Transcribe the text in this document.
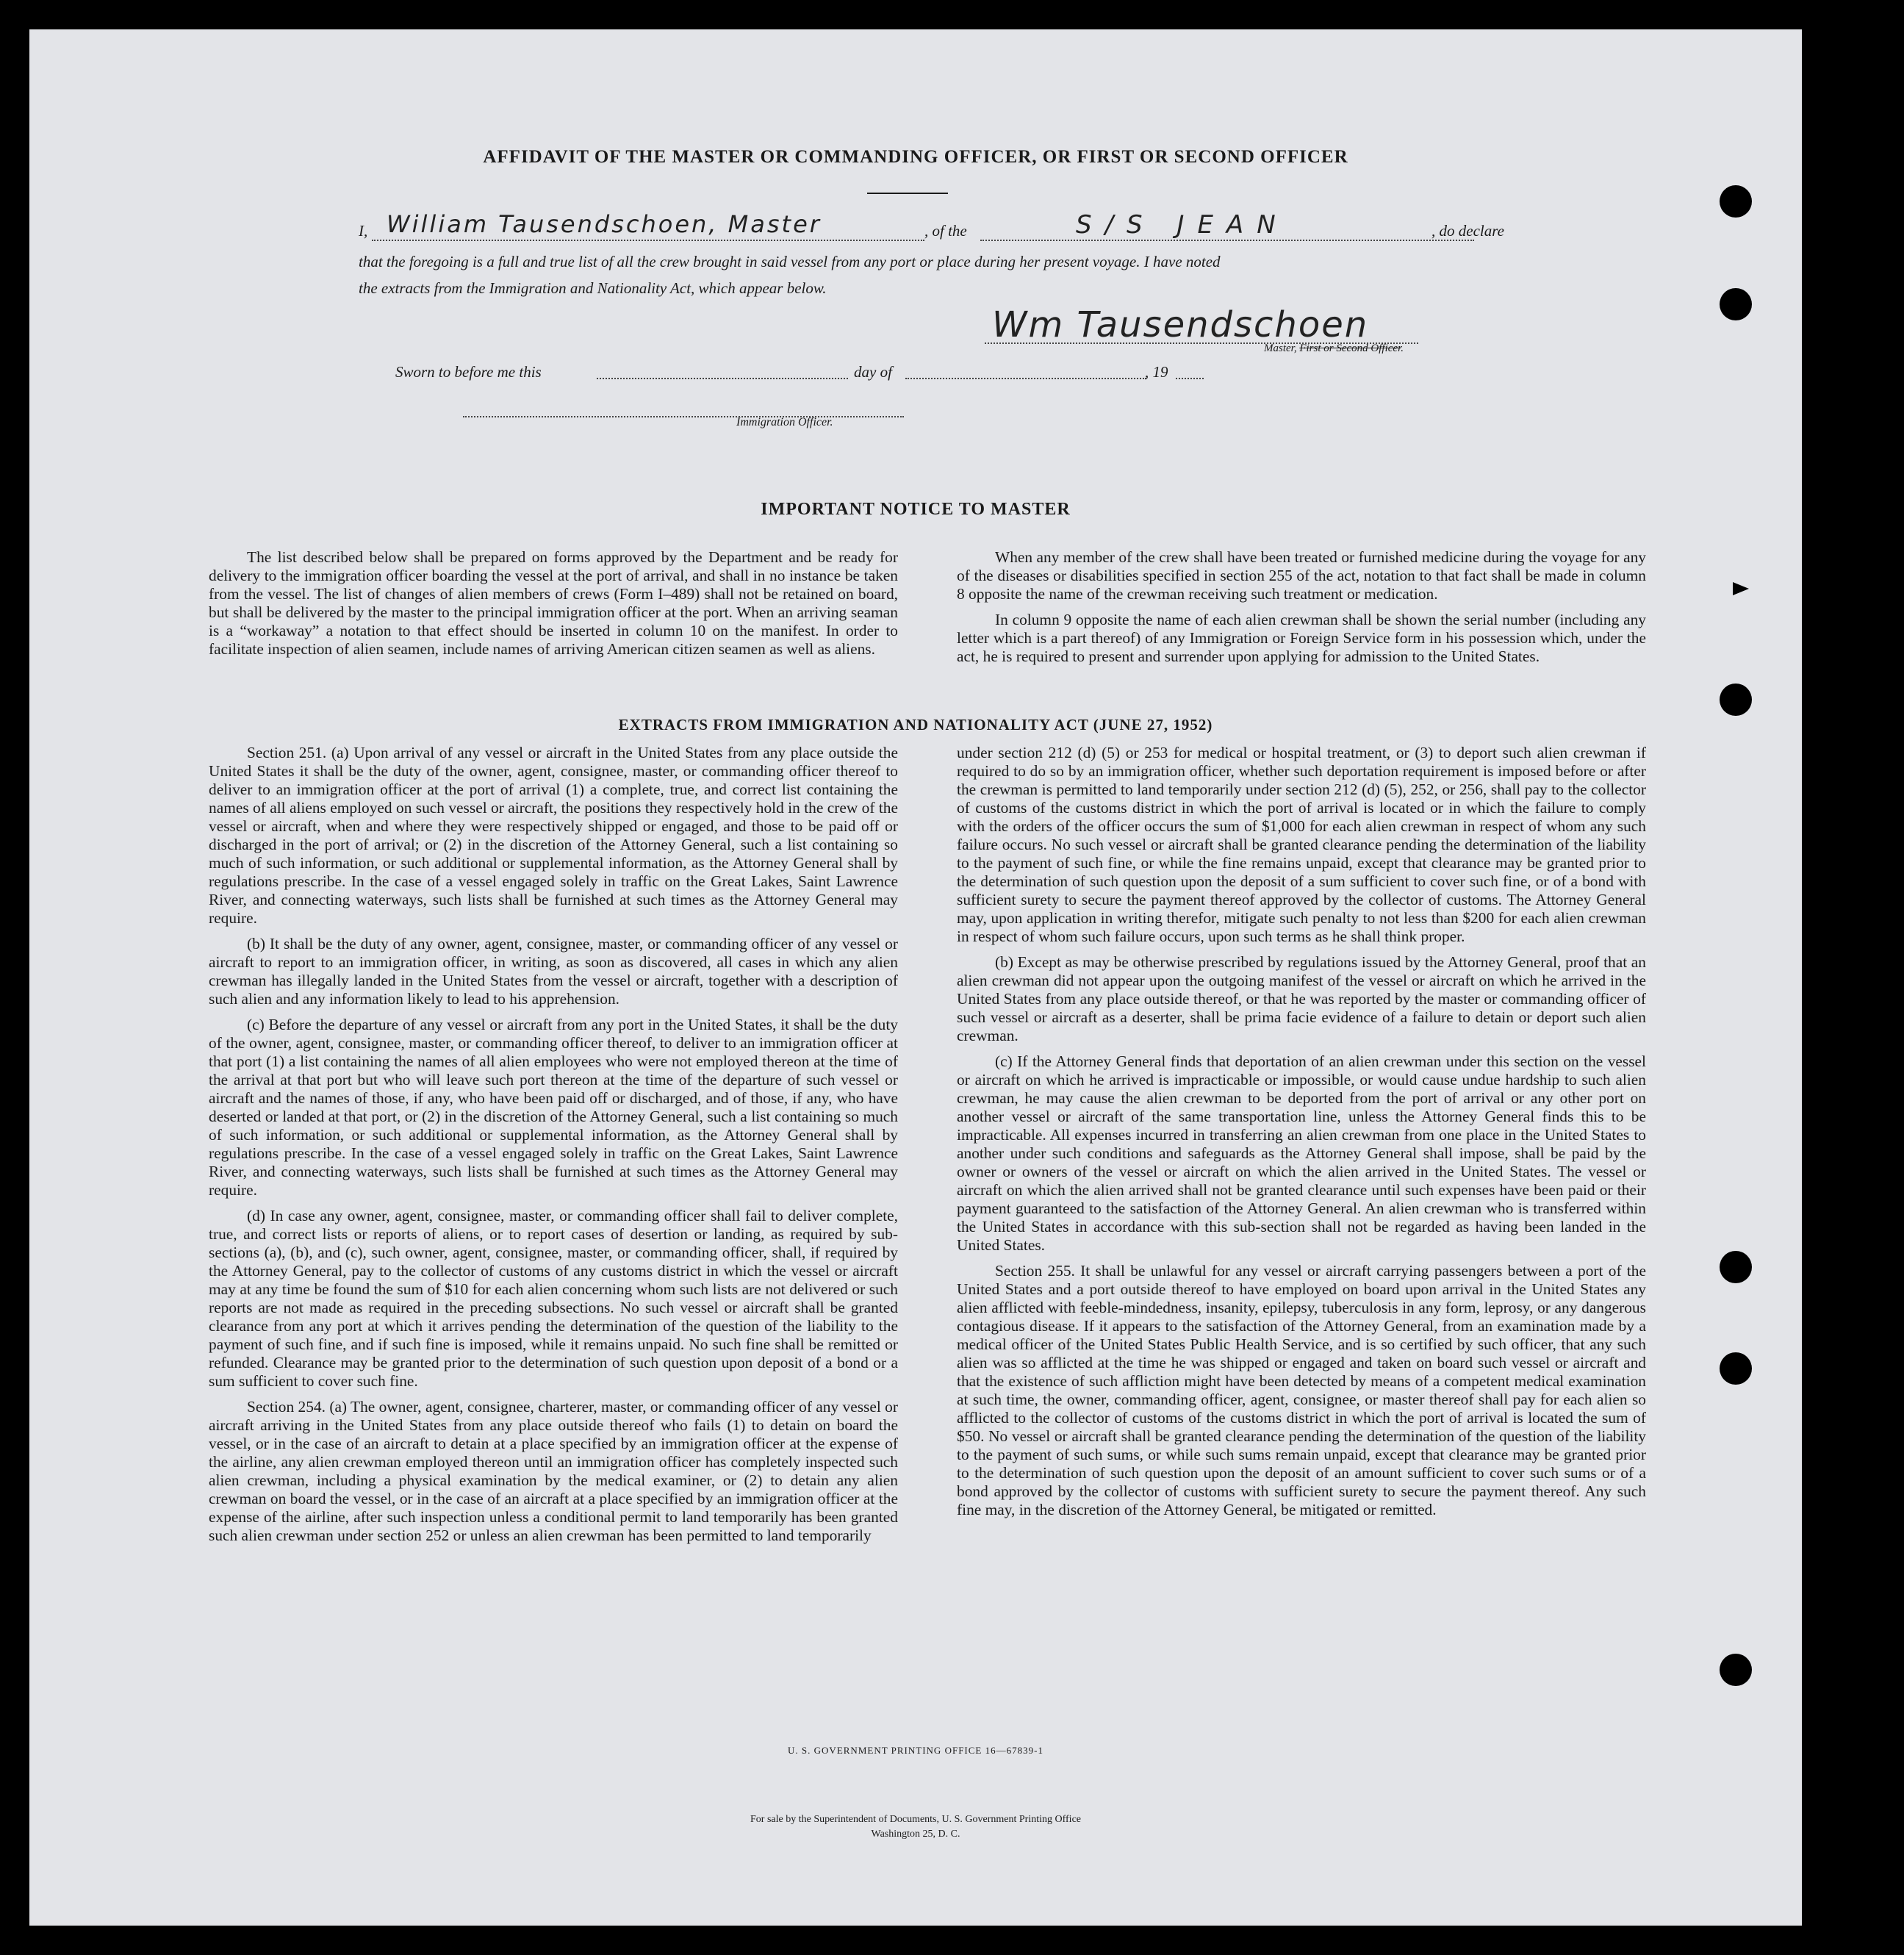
AFFIDAVIT OF THE MASTER OR COMMANDING OFFICER, OR FIRST OR SECOND OFFICER
I, William Tausendschoen, Master	, of the	S/S JEAN	, do declare
that the foregoing is a full and true list of all the crew brought in said vessel from any port or place during her present voyage. I have noted
the extracts from the Immigration and Nationality Act, which appear below.
Wm Tausendschoen
Master, First or Second Officer.
Sworn to before me this	day of	, 19
Immigration Officer.
IMPORTANT NOTICE TO MASTER

The list described below shall be prepared on forms approved by the Department and be ready for delivery to the immigration officer boarding the vessel at the port of arrival, and shall in no instance be taken from the vessel. The list of changes of alien members of crews (Form I–489) shall not be retained on board, but shall be delivered by the master to the principal immigration officer at the port. When an arriving seaman is a “workaway” a notation to that effect should be inserted in column 10 on the manifest. In order to facilitate inspection of alien seamen, include names of arriving American citizen seamen as well as aliens.

When any member of the crew shall have been treated or furnished medicine during the voyage for any of the diseases or disabilities specified in section 255 of the act, notation to that fact shall be made in column 8 opposite the name of the crewman receiving such treatment or medication.

In column 9 opposite the name of each alien crewman shall be shown the serial number (including any letter which is a part thereof) of any Immigration or Foreign Service form in his possession which, under the act, he is required to present and surrender upon applying for admission to the United States.

EXTRACTS FROM IMMIGRATION AND NATIONALITY ACT (JUNE 27, 1952)

Section 251. (a) Upon arrival of any vessel or aircraft in the United States from any place outside the United States it shall be the duty of the owner, agent, consignee, master, or commanding officer thereof to deliver to an immigration officer at the port of arrival (1) a complete, true, and correct list containing the names of all aliens employed on such vessel or aircraft, the positions they respectively hold in the crew of the vessel or aircraft, when and where they were respectively shipped or engaged, and those to be paid off or discharged in the port of arrival; or (2) in the discretion of the Attorney General, such a list containing so much of such information, or such additional or supplemental information, as the Attorney General shall by regulations prescribe. In the case of a vessel engaged solely in traffic on the Great Lakes, Saint Lawrence River, and connecting waterways, such lists shall be furnished at such times as the Attorney General may require.

(b) It shall be the duty of any owner, agent, consignee, master, or commanding officer of any vessel or aircraft to report to an immigration officer, in writing, as soon as discovered, all cases in which any alien crewman has illegally landed in the United States from the vessel or aircraft, together with a description of such alien and any information likely to lead to his apprehension.

(c) Before the departure of any vessel or aircraft from any port in the United States, it shall be the duty of the owner, agent, consignee, master, or commanding officer thereof, to deliver to an immigration officer at that port (1) a list containing the names of all alien employees who were not employed thereon at the time of the arrival at that port but who will leave such port thereon at the time of the departure of such vessel or aircraft and the names of those, if any, who have been paid off or discharged, and of those, if any, who have deserted or landed at that port, or (2) in the discretion of the Attorney General, such a list containing so much of such information, or such additional or supplemental information, as the Attorney General shall by regulations prescribe. In the case of a vessel engaged solely in traffic on the Great Lakes, Saint Lawrence River, and connecting waterways, such lists shall be furnished at such times as the Attorney General may require.

(d) In case any owner, agent, consignee, master, or commanding officer shall fail to deliver complete, true, and correct lists or reports of aliens, or to report cases of desertion or landing, as required by sub-sections (a), (b), and (c), such owner, agent, consignee, master, or commanding officer, shall, if required by the Attorney General, pay to the collector of customs of any customs district in which the vessel or aircraft may at any time be found the sum of $10 for each alien concerning whom such lists are not delivered or such reports are not made as required in the preceding subsections. No such vessel or aircraft shall be granted clearance from any port at which it arrives pending the determination of the question of the liability to the payment of such fine, and if such fine is imposed, while it remains unpaid. No such fine shall be remitted or refunded. Clearance may be granted prior to the determination of such question upon deposit of a bond or a sum sufficient to cover such fine.

Section 254. (a) The owner, agent, consignee, charterer, master, or commanding officer of any vessel or aircraft arriving in the United States from any place outside thereof who fails (1) to detain on board the vessel, or in the case of an aircraft to detain at a place specified by an immigration officer at the expense of the airline, any alien crewman employed thereon until an immigration officer has completely inspected such alien crewman, including a physical examination by the medical examiner, or (2) to detain any alien crewman on board the vessel, or in the case of an aircraft at a place specified by an immigration officer at the expense of the airline, after such inspection unless a conditional permit to land temporarily has been granted such alien crewman under section 252 or unless an alien crewman has been permitted to land temporarily

under section 212 (d) (5) or 253 for medical or hospital treatment, or (3) to deport such alien crewman if required to do so by an immigration officer, whether such deportation requirement is imposed before or after the crewman is permitted to land temporarily under section 212 (d) (5), 252, or 256, shall pay to the collector of customs of the customs district in which the port of arrival is located or in which the failure to comply with the orders of the officer occurs the sum of $1,000 for each alien crewman in respect of whom any such failure occurs. No such vessel or aircraft shall be granted clearance pending the determination of the liability to the payment of such fine, or while the fine remains unpaid, except that clearance may be granted prior to the determination of such question upon the deposit of a sum sufficient to cover such fine, or of a bond with sufficient surety to secure the payment thereof approved by the collector of customs. The Attorney General may, upon application in writing therefor, mitigate such penalty to not less than $200 for each alien crewman in respect of whom such failure occurs, upon such terms as he shall think proper.

(b) Except as may be otherwise prescribed by regulations issued by the Attorney General, proof that an alien crewman did not appear upon the outgoing manifest of the vessel or aircraft on which he arrived in the United States from any place outside thereof, or that he was reported by the master or commanding officer of such vessel or aircraft as a deserter, shall be prima facie evidence of a failure to detain or deport such alien crewman.

(c) If the Attorney General finds that deportation of an alien crewman under this section on the vessel or aircraft on which he arrived is impracticable or impossible, or would cause undue hardship to such alien crewman, he may cause the alien crewman to be deported from the port of arrival or any other port on another vessel or aircraft of the same transportation line, unless the Attorney General finds this to be impracticable. All expenses incurred in transferring an alien crewman from one place in the United States to another under such conditions and safeguards as the Attorney General shall impose, shall be paid by the owner or owners of the vessel or aircraft on which the alien arrived in the United States. The vessel or aircraft on which the alien arrived shall not be granted clearance until such expenses have been paid or their payment guaranteed to the satisfaction of the Attorney General. An alien crewman who is transferred within the United States in accordance with this sub-section shall not be regarded as having been landed in the United States.

Section 255. It shall be unlawful for any vessel or aircraft carrying passengers between a port of the United States and a port outside thereof to have employed on board upon arrival in the United States any alien afflicted with feeble-mindedness, insanity, epilepsy, tuberculosis in any form, leprosy, or any dangerous contagious disease. If it appears to the satisfaction of the Attorney General, from an examination made by a medical officer of the United States Public Health Service, and is so certified by such officer, that any such alien was so afflicted at the time he was shipped or engaged and taken on board such vessel or aircraft and that the existence of such affliction might have been detected by means of a competent medical examination at such time, the owner, commanding officer, agent, consignee, or master thereof shall pay for each alien so afflicted to the collector of customs of the customs district in which the port of arrival is located the sum of $50. No vessel or aircraft shall be granted clearance pending the determination of the question of the liability to the payment of such sums, or while such sums remain unpaid, except that clearance may be granted prior to the determination of such question upon the deposit of an amount sufficient to cover such sums or of a bond approved by the collector of customs with sufficient surety to secure the payment thereof. Any such fine may, in the discretion of the Attorney General, be mitigated or remitted.

U. S. GOVERNMENT PRINTING OFFICE 16—67839-1
For sale by the Superintendent of Documents, U. S. Government Printing Office
Washington 25, D. C.
